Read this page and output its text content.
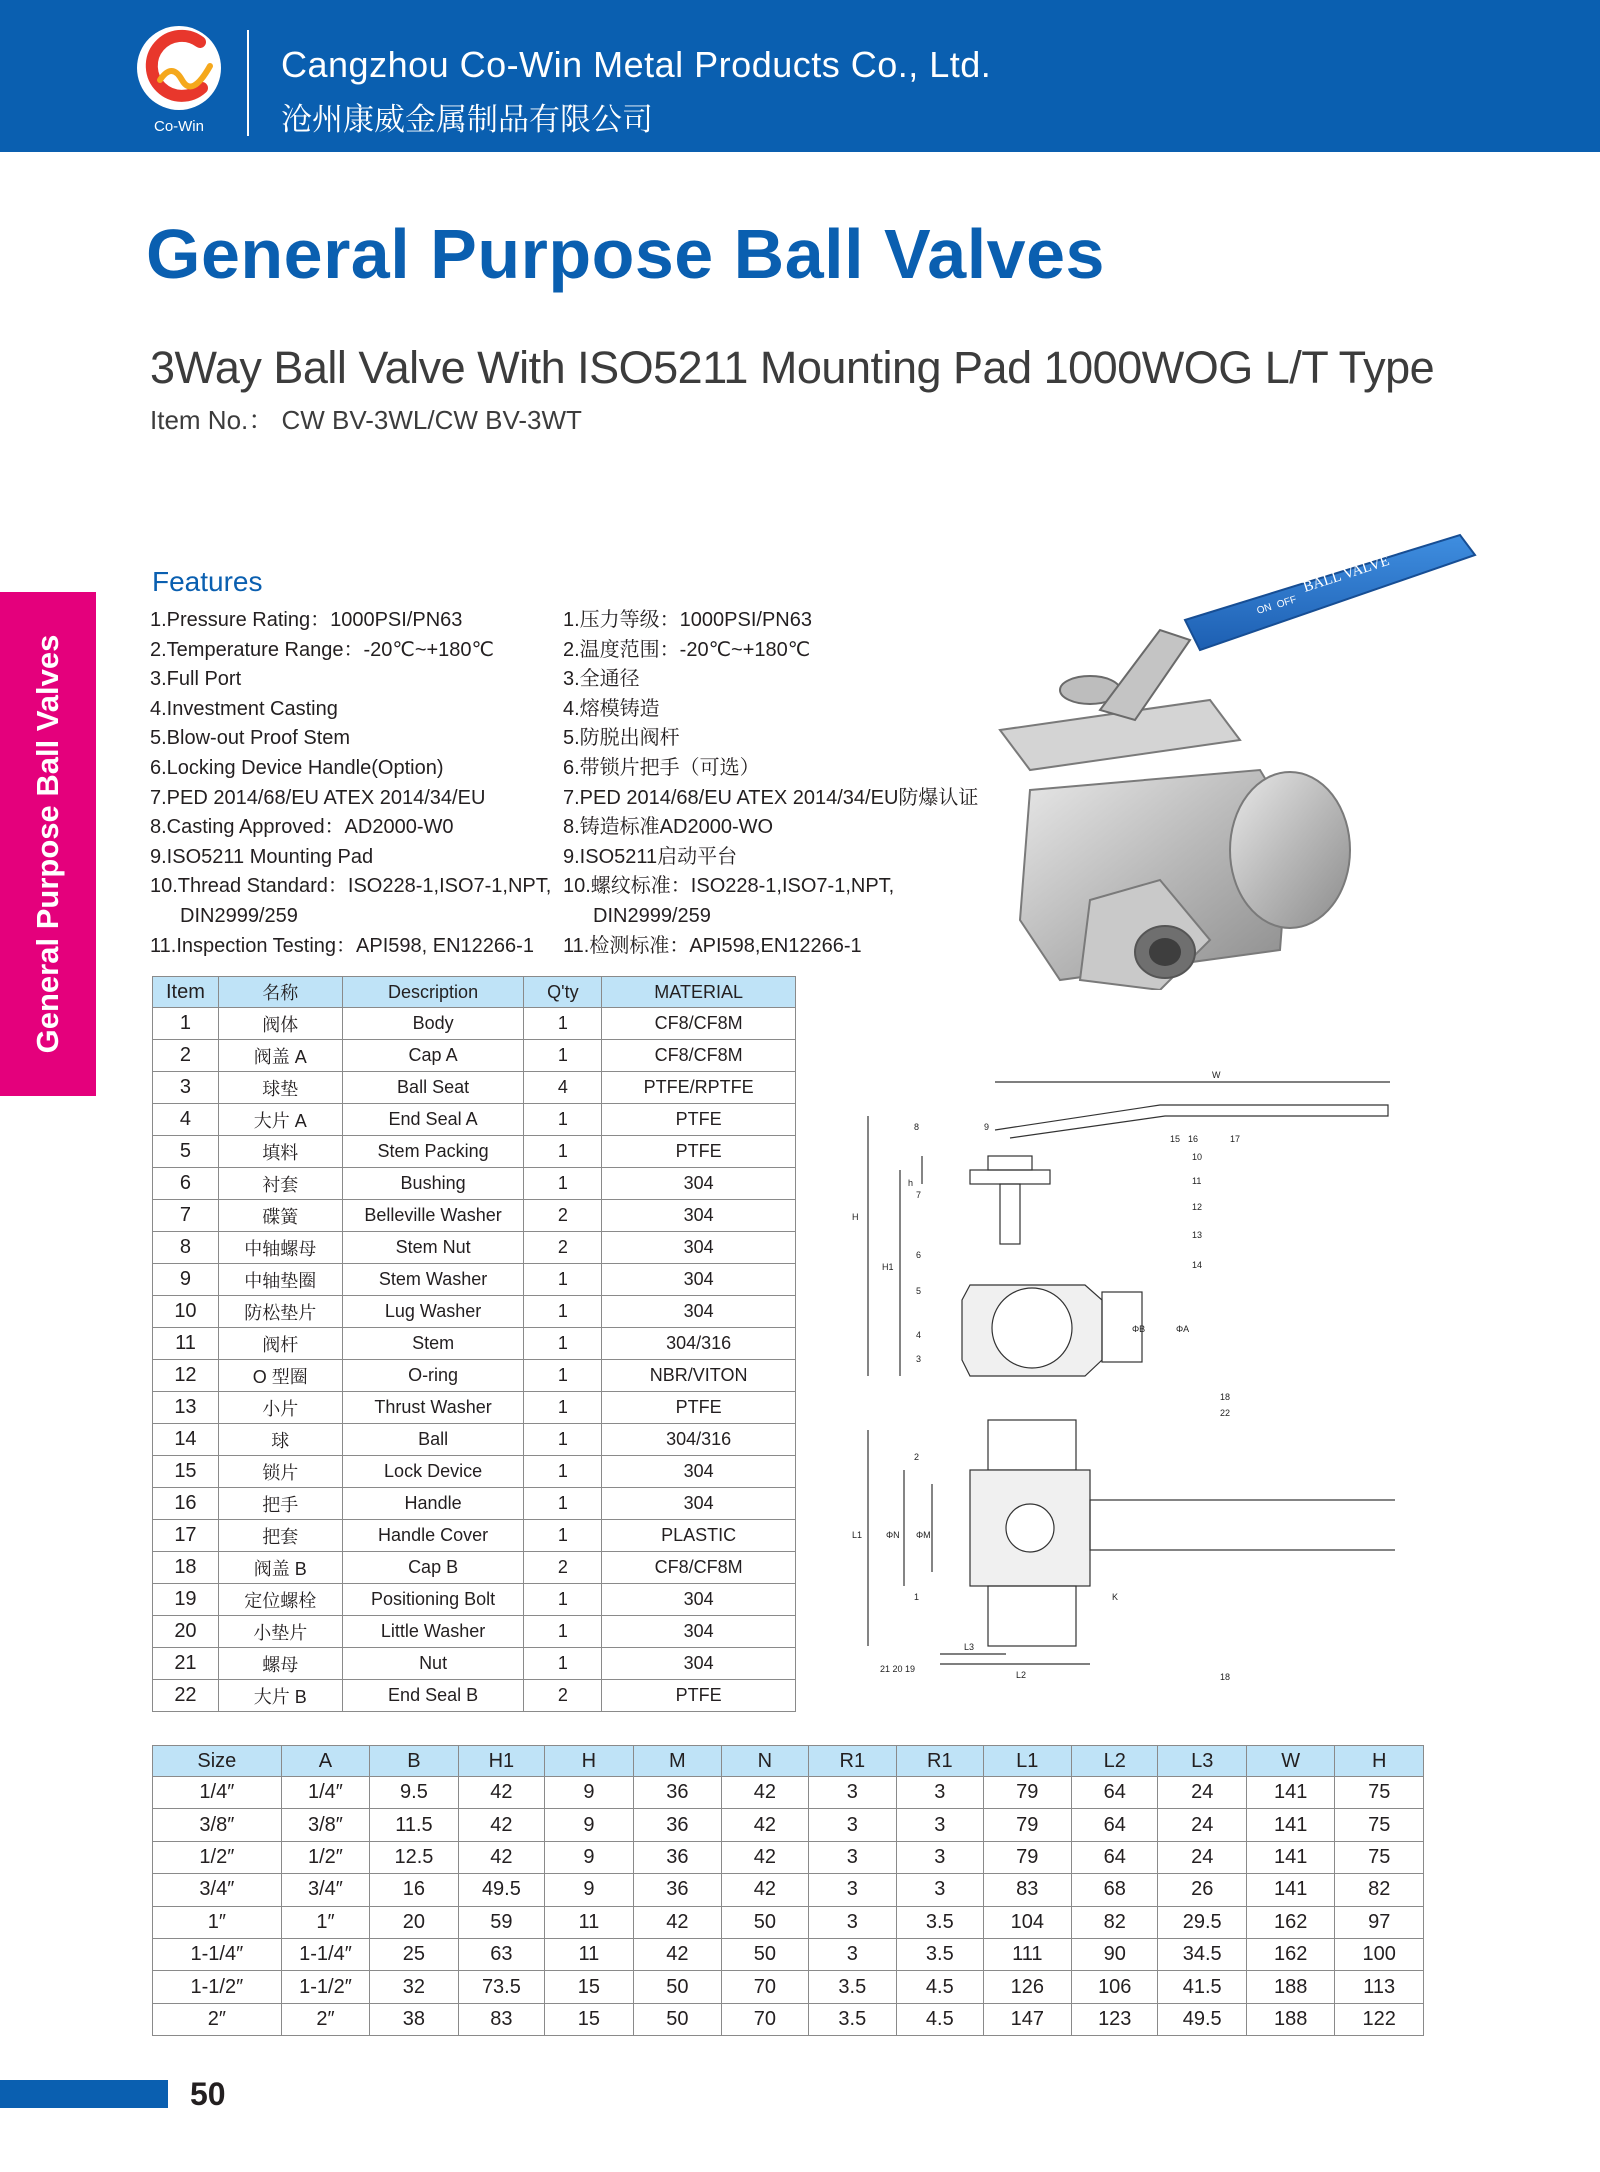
Co-Win
Cangzhou Co-Win Metal Products Co., Ltd.
沧州康威金属制品有限公司
General Purpose Ball Valves
3Way Ball Valve With ISO5211 Mounting Pad 1000WOG L/T Type
Item No.： CW BV-3WL/CW BV-3WT
General Purpose Ball Valves
Features
1.Pressure Rating：1000PSI/PN63
2.Temperature Range：-20℃~+180℃
3.Full Port
4.Investment Casting
5.Blow-out Proof Stem
6.Locking Device Handle(Option)
7.PED 2014/68/EU ATEX 2014/34/EU
8.Casting Approved：AD2000-W0
9.ISO5211 Mounting Pad
10.Thread Standard：ISO228-1,ISO7-1,NPT,
DIN2999/259
11.Inspection Testing：API598, EN12266-1
1.压力等级：1000PSI/PN63
2.温度范围：-20℃~+180℃
3.全通径
4.熔模铸造
5.防脱出阀杆
6.带锁片把手（可选）
7.PED 2014/68/EU ATEX 2014/34/EU防爆认证
8.铸造标准AD2000-WO
9.ISO5211启动平台
10.螺纹标准：ISO228-1,ISO7-1,NPT,
DIN2999/259
11.检测标准：API598,EN12266-1
BALL VALVE
ON OFF
Item	名称	Description	Q'ty	MATERIAL
1	阀体	Body	1	CF8/CF8M
2	阀盖 A	Cap A	1	CF8/CF8M
3	球垫	Ball Seat	4	PTFE/RPTFE
4	大片 A	End Seal A	1	PTFE
5	填料	Stem Packing	1	PTFE
6	衬套	Bushing	1	304
7	碟簧	Belleville Washer	2	304
8	中轴螺母	Stem Nut	2	304
9	中轴垫圈	Stem Washer	1	304
10	防松垫片	Lug Washer	1	304
11	阀杆	Stem	1	304/316
12	O 型圈	O-ring	1	NBR/VITON
13	小片	Thrust Washer	1	PTFE
14	球	Ball	1	304/316
15	锁片	Lock Device	1	304
16	把手	Handle	1	304
17	把套	Handle Cover	1	PLASTIC
18	阀盖 B	Cap B	2	CF8/CF8M
19	定位螺栓	Positioning Bolt	1	304
20	小垫片	Little Washer	1	304
21	螺母	Nut	1	304
22	大片 B	End Seal B	2	PTFE
W
H
H1
h
ΦB	ΦA
8	9
7
6
5
4
3
15 16	17
10
11
12
13
14
L1	ΦN ΦM
L2
L3
K
2
1
18
22
18
21 20 19
Size	A	B	H1	H	M	N	R1	R1	L1	L2	L3	W	H
1/4″	1/4″	9.5	42	9	36	42	3	3	79	64	24	141	75
3/8″	3/8″	11.5	42	9	36	42	3	3	79	64	24	141	75
1/2″	1/2″	12.5	42	9	36	42	3	3	79	64	24	141	75
3/4″	3/4″	16	49.5	9	36	42	3	3	83	68	26	141	82
1″	1″	20	59	11	42	50	3	3.5	104	82	29.5	162	97
1-1/4″	1-1/4″	25	63	11	42	50	3	3.5	111	90	34.5	162	100
1-1/2″	1-1/2″	32	73.5	15	50	70	3.5	4.5	126	106	41.5	188	113
2″	2″	38	83	15	50	70	3.5	4.5	147	123	49.5	188	122
50
